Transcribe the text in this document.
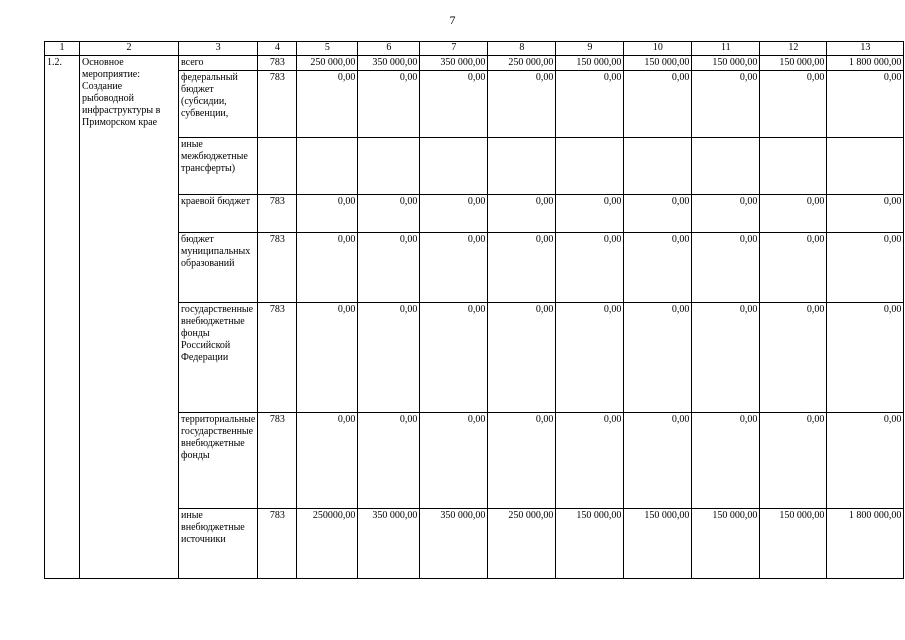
7
1	2	3	4	5	6	7	8	9	10	11	12	13
1.2.	Основное мероприятие: Создание рыбоводной инфраструктуры в Приморском крае	всего	783	250 000,00	350 000,00	350 000,00	250 000,00	150 000,00	150 000,00	150 000,00	150 000,00	1 800 000,00
		федеральный бюджет (субсидии, субвенции,	783	0,00	0,00	0,00	0,00	0,00	0,00	0,00	0,00	0,00
		иные межбюджетные трансферты)										
		краевой бюджет	783	0,00	0,00	0,00	0,00	0,00	0,00	0,00	0,00	0,00
		бюджет муниципальных образований	783	0,00	0,00	0,00	0,00	0,00	0,00	0,00	0,00	0,00
		государственные внебюджетные фонды Российской Федерации	783	0,00	0,00	0,00	0,00	0,00	0,00	0,00	0,00	0,00
		территориальные государственные внебюджетные фонды	783	0,00	0,00	0,00	0,00	0,00	0,00	0,00	0,00	0,00
		иные внебюджетные источники	783	250000,00	350 000,00	350 000,00	250 000,00	150 000,00	150 000,00	150 000,00	150 000,00	1 800 000,00
